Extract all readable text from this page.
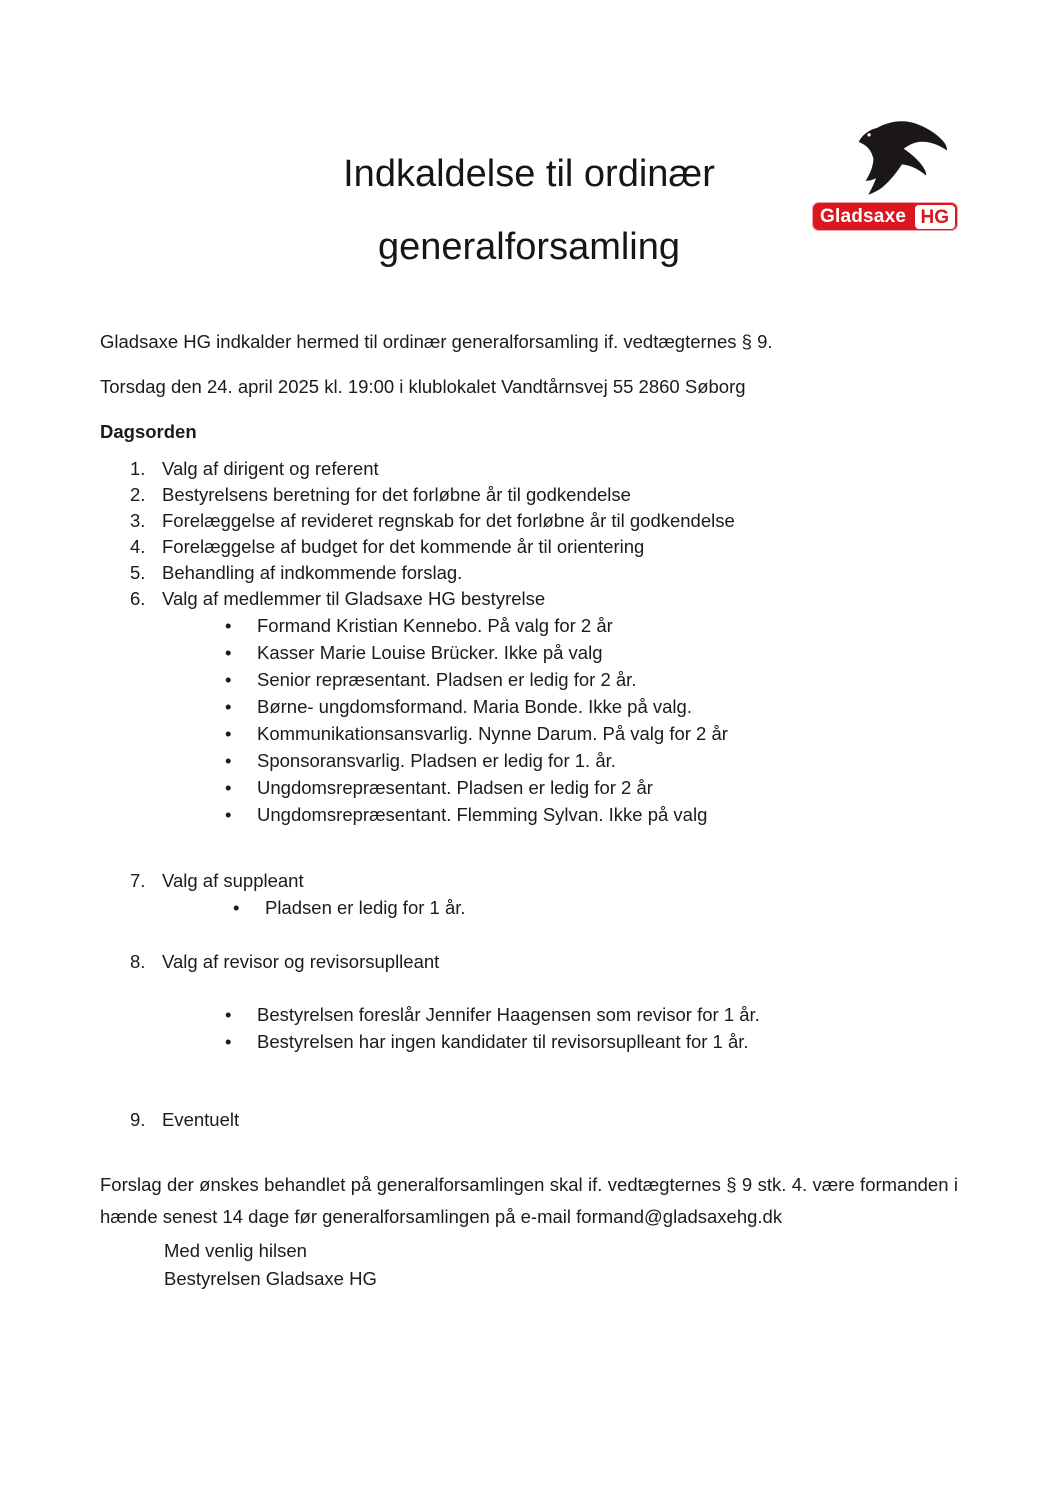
Indkaldelse til ordinær
generalforsamling
Gladsaxe HG

Gladsaxe HG indkalder hermed til ordinær generalforsamling if. vedtægternes § 9.

Torsdag den 24. april 2025 kl. 19:00 i klublokalet Vandtårnsvej 55 2860 Søborg

Dagsorden

1. Valg af dirigent og referent
2. Bestyrelsens beretning for det forløbne år til godkendelse
3. Forelæggelse af revideret regnskab for det forløbne år til godkendelse
4. Forelæggelse af budget for det kommende år til orientering
5. Behandling af indkommende forslag.
6. Valg af medlemmer til Gladsaxe HG bestyrelse
•	Formand Kristian Kennebo. På valg for 2 år
•	Kasser Marie Louise Brücker. Ikke på valg
•	Senior repræsentant. Pladsen er ledig for 2 år.
•	Børne- ungdomsformand. Maria Bonde. Ikke på valg.
•	Kommunikationsansvarlig. Nynne Darum. På valg for 2 år
•	Sponsoransvarlig. Pladsen er ledig for 1. år.
•	Ungdomsrepræsentant. Pladsen er ledig for 2 år
•	Ungdomsrepræsentant. Flemming Sylvan. Ikke på valg
7. Valg af suppleant
•	Pladsen er ledig for 1 år.
8. Valg af revisor og revisorsuplleant
•	Bestyrelsen foreslår Jennifer Haagensen som revisor for 1 år.
•	Bestyrelsen har ingen kandidater til revisorsuplleant for 1 år.
9. Eventuelt

Forslag der ønskes behandlet på generalforsamlingen skal if. vedtægternes § 9 stk. 4. være formanden i hænde senest 14 dage før generalforsamlingen på e-mail formand@gladsaxehg.dk

Med venlig hilsen
Bestyrelsen Gladsaxe HG
